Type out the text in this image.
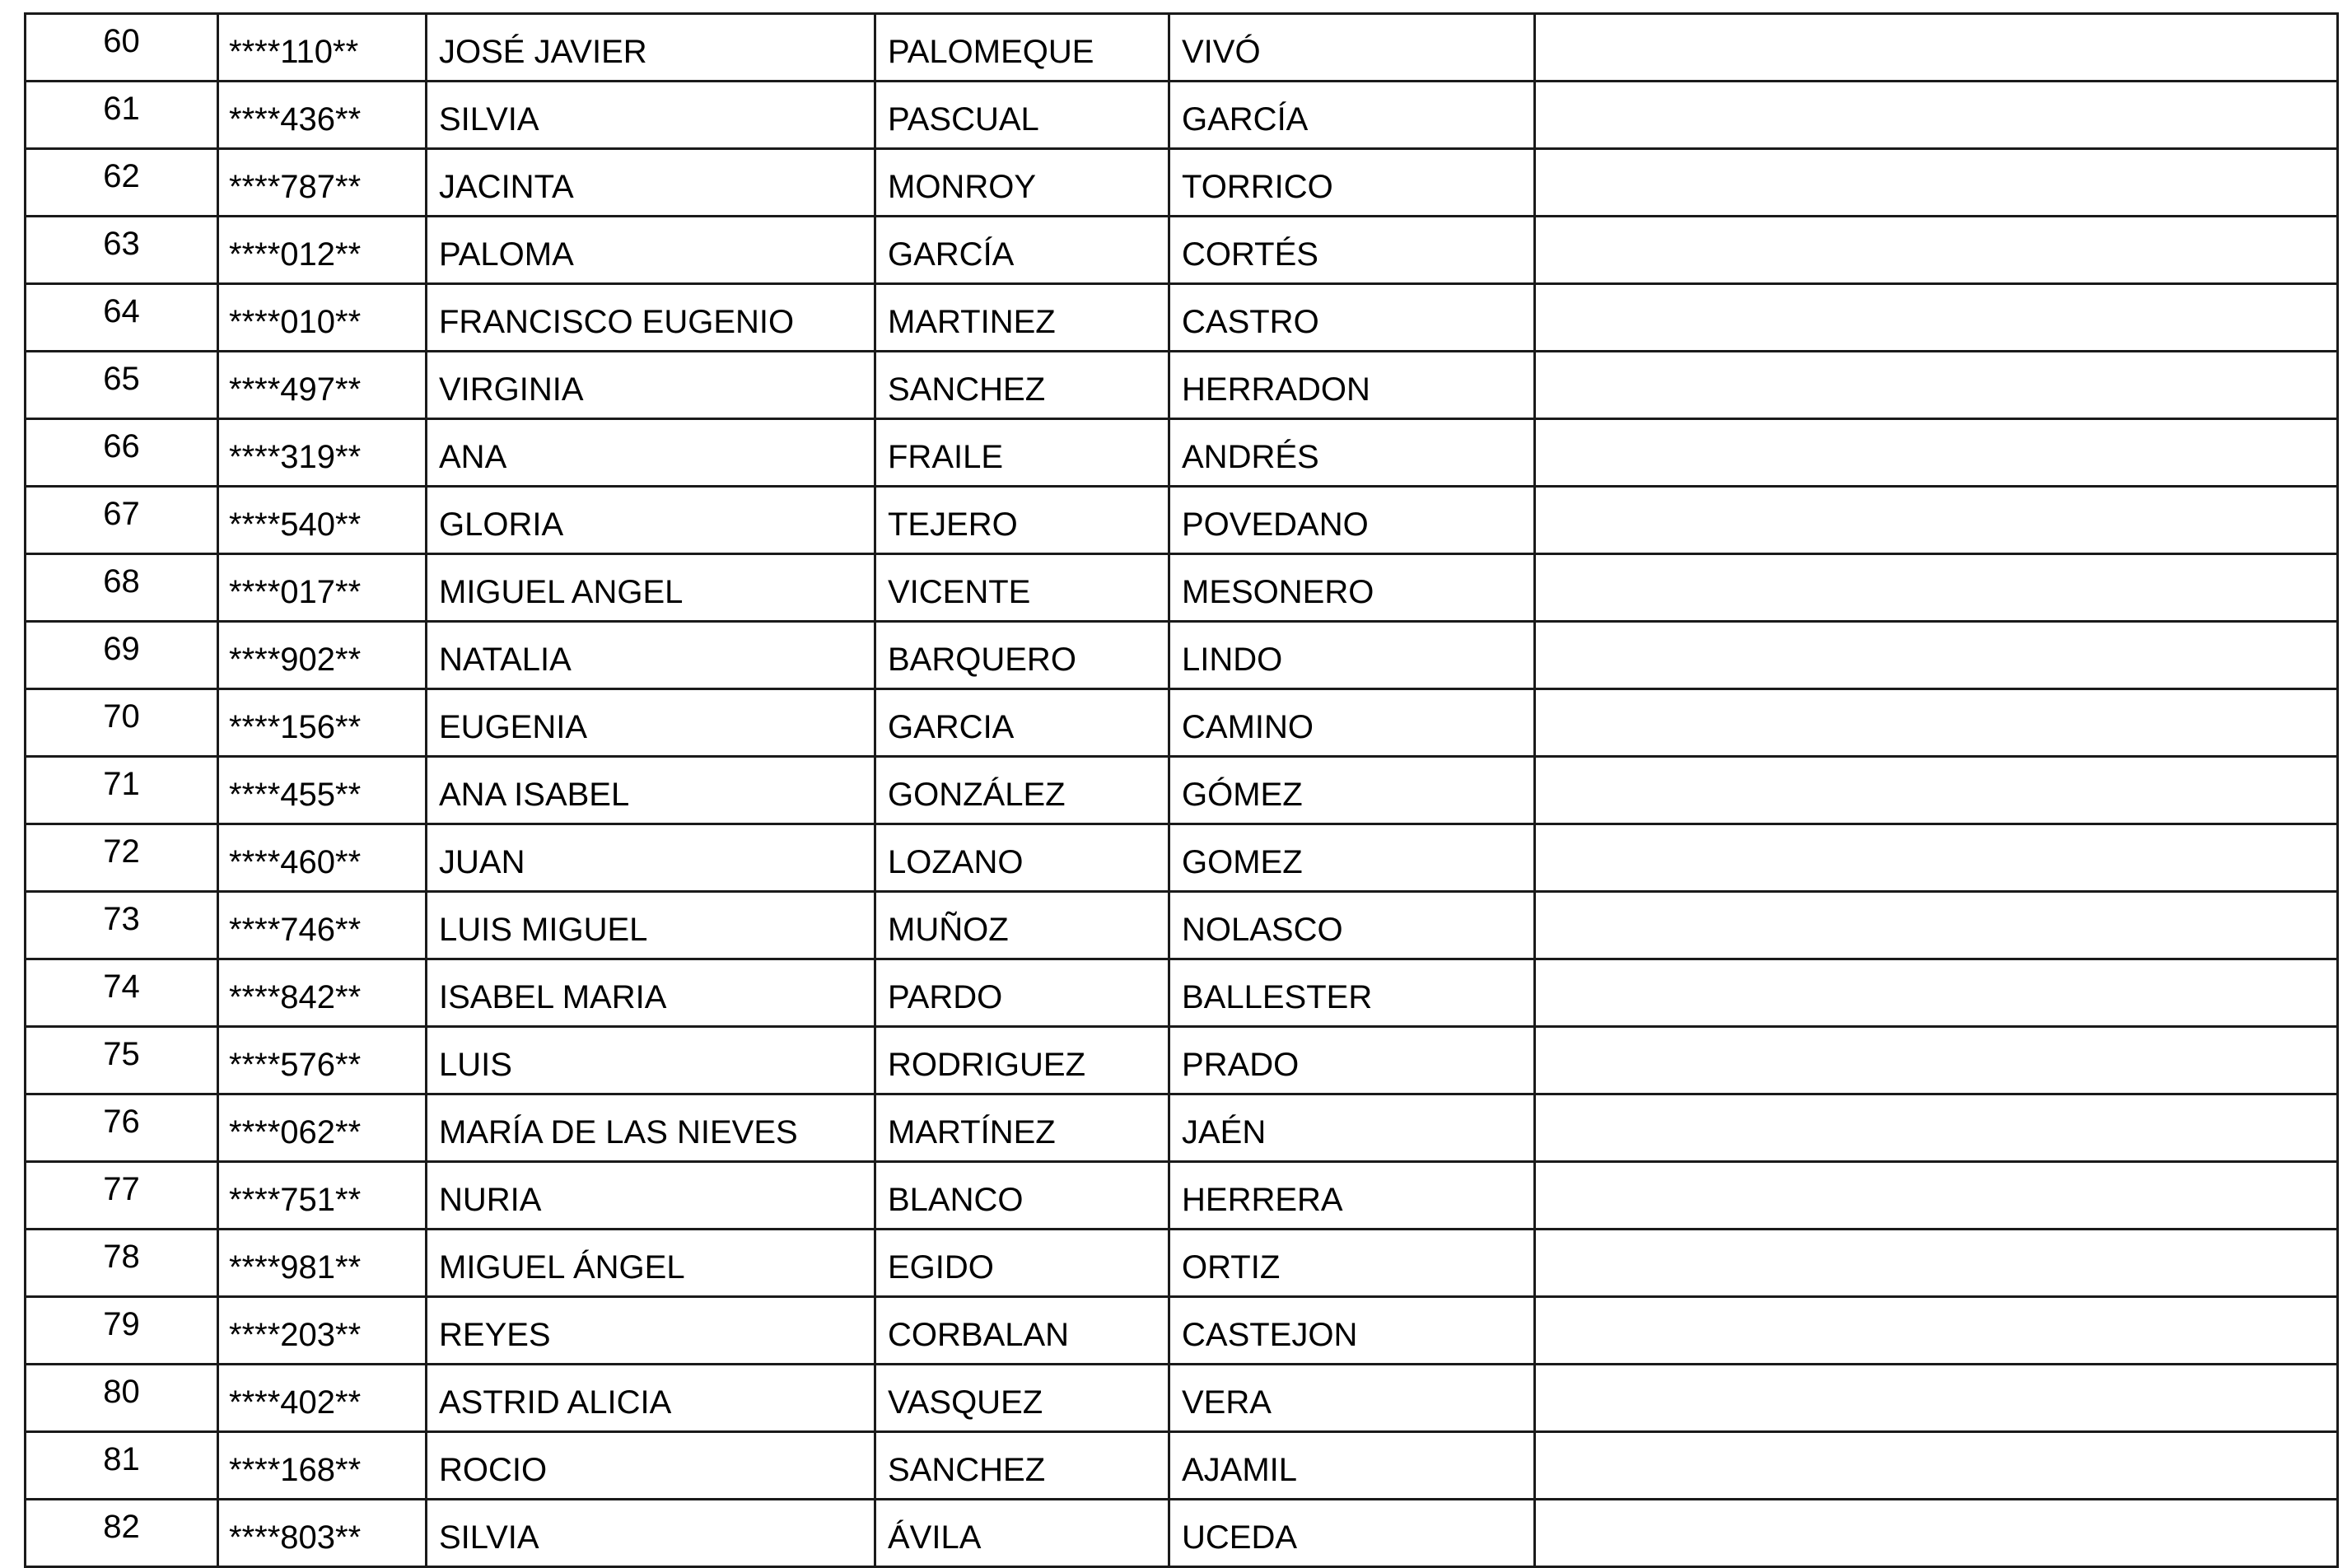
60	****110**	JOSÉ JAVIER	PALOMEQUE	VIVÓ	
61	****436**	SILVIA	PASCUAL	GARCÍA	
62	****787**	JACINTA	MONROY	TORRICO	
63	****012**	PALOMA	GARCÍA	CORTÉS	
64	****010**	FRANCISCO EUGENIO	MARTINEZ	CASTRO	
65	****497**	VIRGINIA	SANCHEZ	HERRADON	
66	****319**	ANA	FRAILE	ANDRÉS	
67	****540**	GLORIA	TEJERO	POVEDANO	
68	****017**	MIGUEL ANGEL	VICENTE	MESONERO	
69	****902**	NATALIA	BARQUERO	LINDO	
70	****156**	EUGENIA	GARCIA	CAMINO	
71	****455**	ANA ISABEL	GONZÁLEZ	GÓMEZ	
72	****460**	JUAN	LOZANO	GOMEZ	
73	****746**	LUIS MIGUEL	MUÑOZ	NOLASCO	
74	****842**	ISABEL MARIA	PARDO	BALLESTER	
75	****576**	LUIS	RODRIGUEZ	PRADO	
76	****062**	MARÍA DE LAS NIEVES	MARTÍNEZ	JAÉN	
77	****751**	NURIA	BLANCO	HERRERA	
78	****981**	MIGUEL ÁNGEL	EGIDO	ORTIZ	
79	****203**	REYES	CORBALAN	CASTEJON	
80	****402**	ASTRID ALICIA	VASQUEZ	VERA	
81	****168**	ROCIO	SANCHEZ	AJAMIL	
82	****803**	SILVIA	ÁVILA	UCEDA	
